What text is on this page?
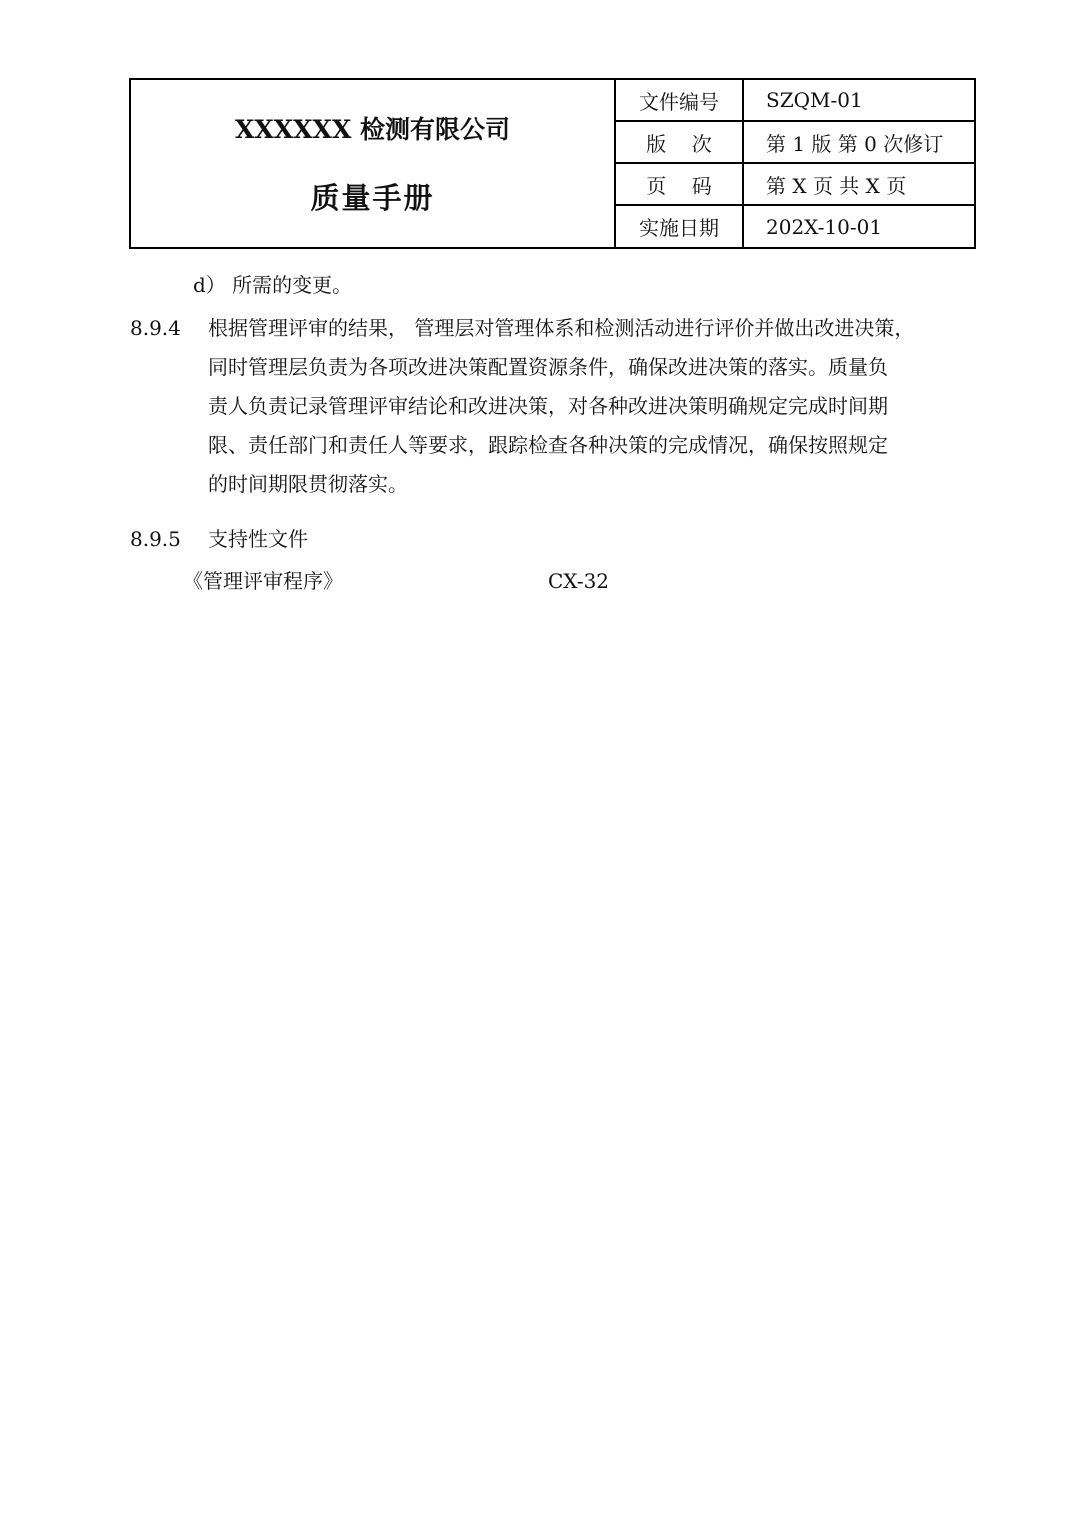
XXXXXX 检测有限公司
质量手册
文件编号	SZQM-01
版    次	第 1 版 第 0 次修订
页    码	第 X 页 共 X 页
实施日期	202X-10-01
d） 所需的变更。
8.9.4 根据管理评审的结果， 管理层对管理体系和检测活动进行评价并做出改进决策，
同时管理层负责为各项改进决策配置资源条件，确保改进决策的落实。质量负
责人负责记录管理评审结论和改进决策，对各种改进决策明确规定完成时间期
限、责任部门和责任人等要求，跟踪检查各种决策的完成情况，确保按照规定
的时间期限贯彻落实。
8.9.5 支持性文件
《管理评审程序》	CX-32
